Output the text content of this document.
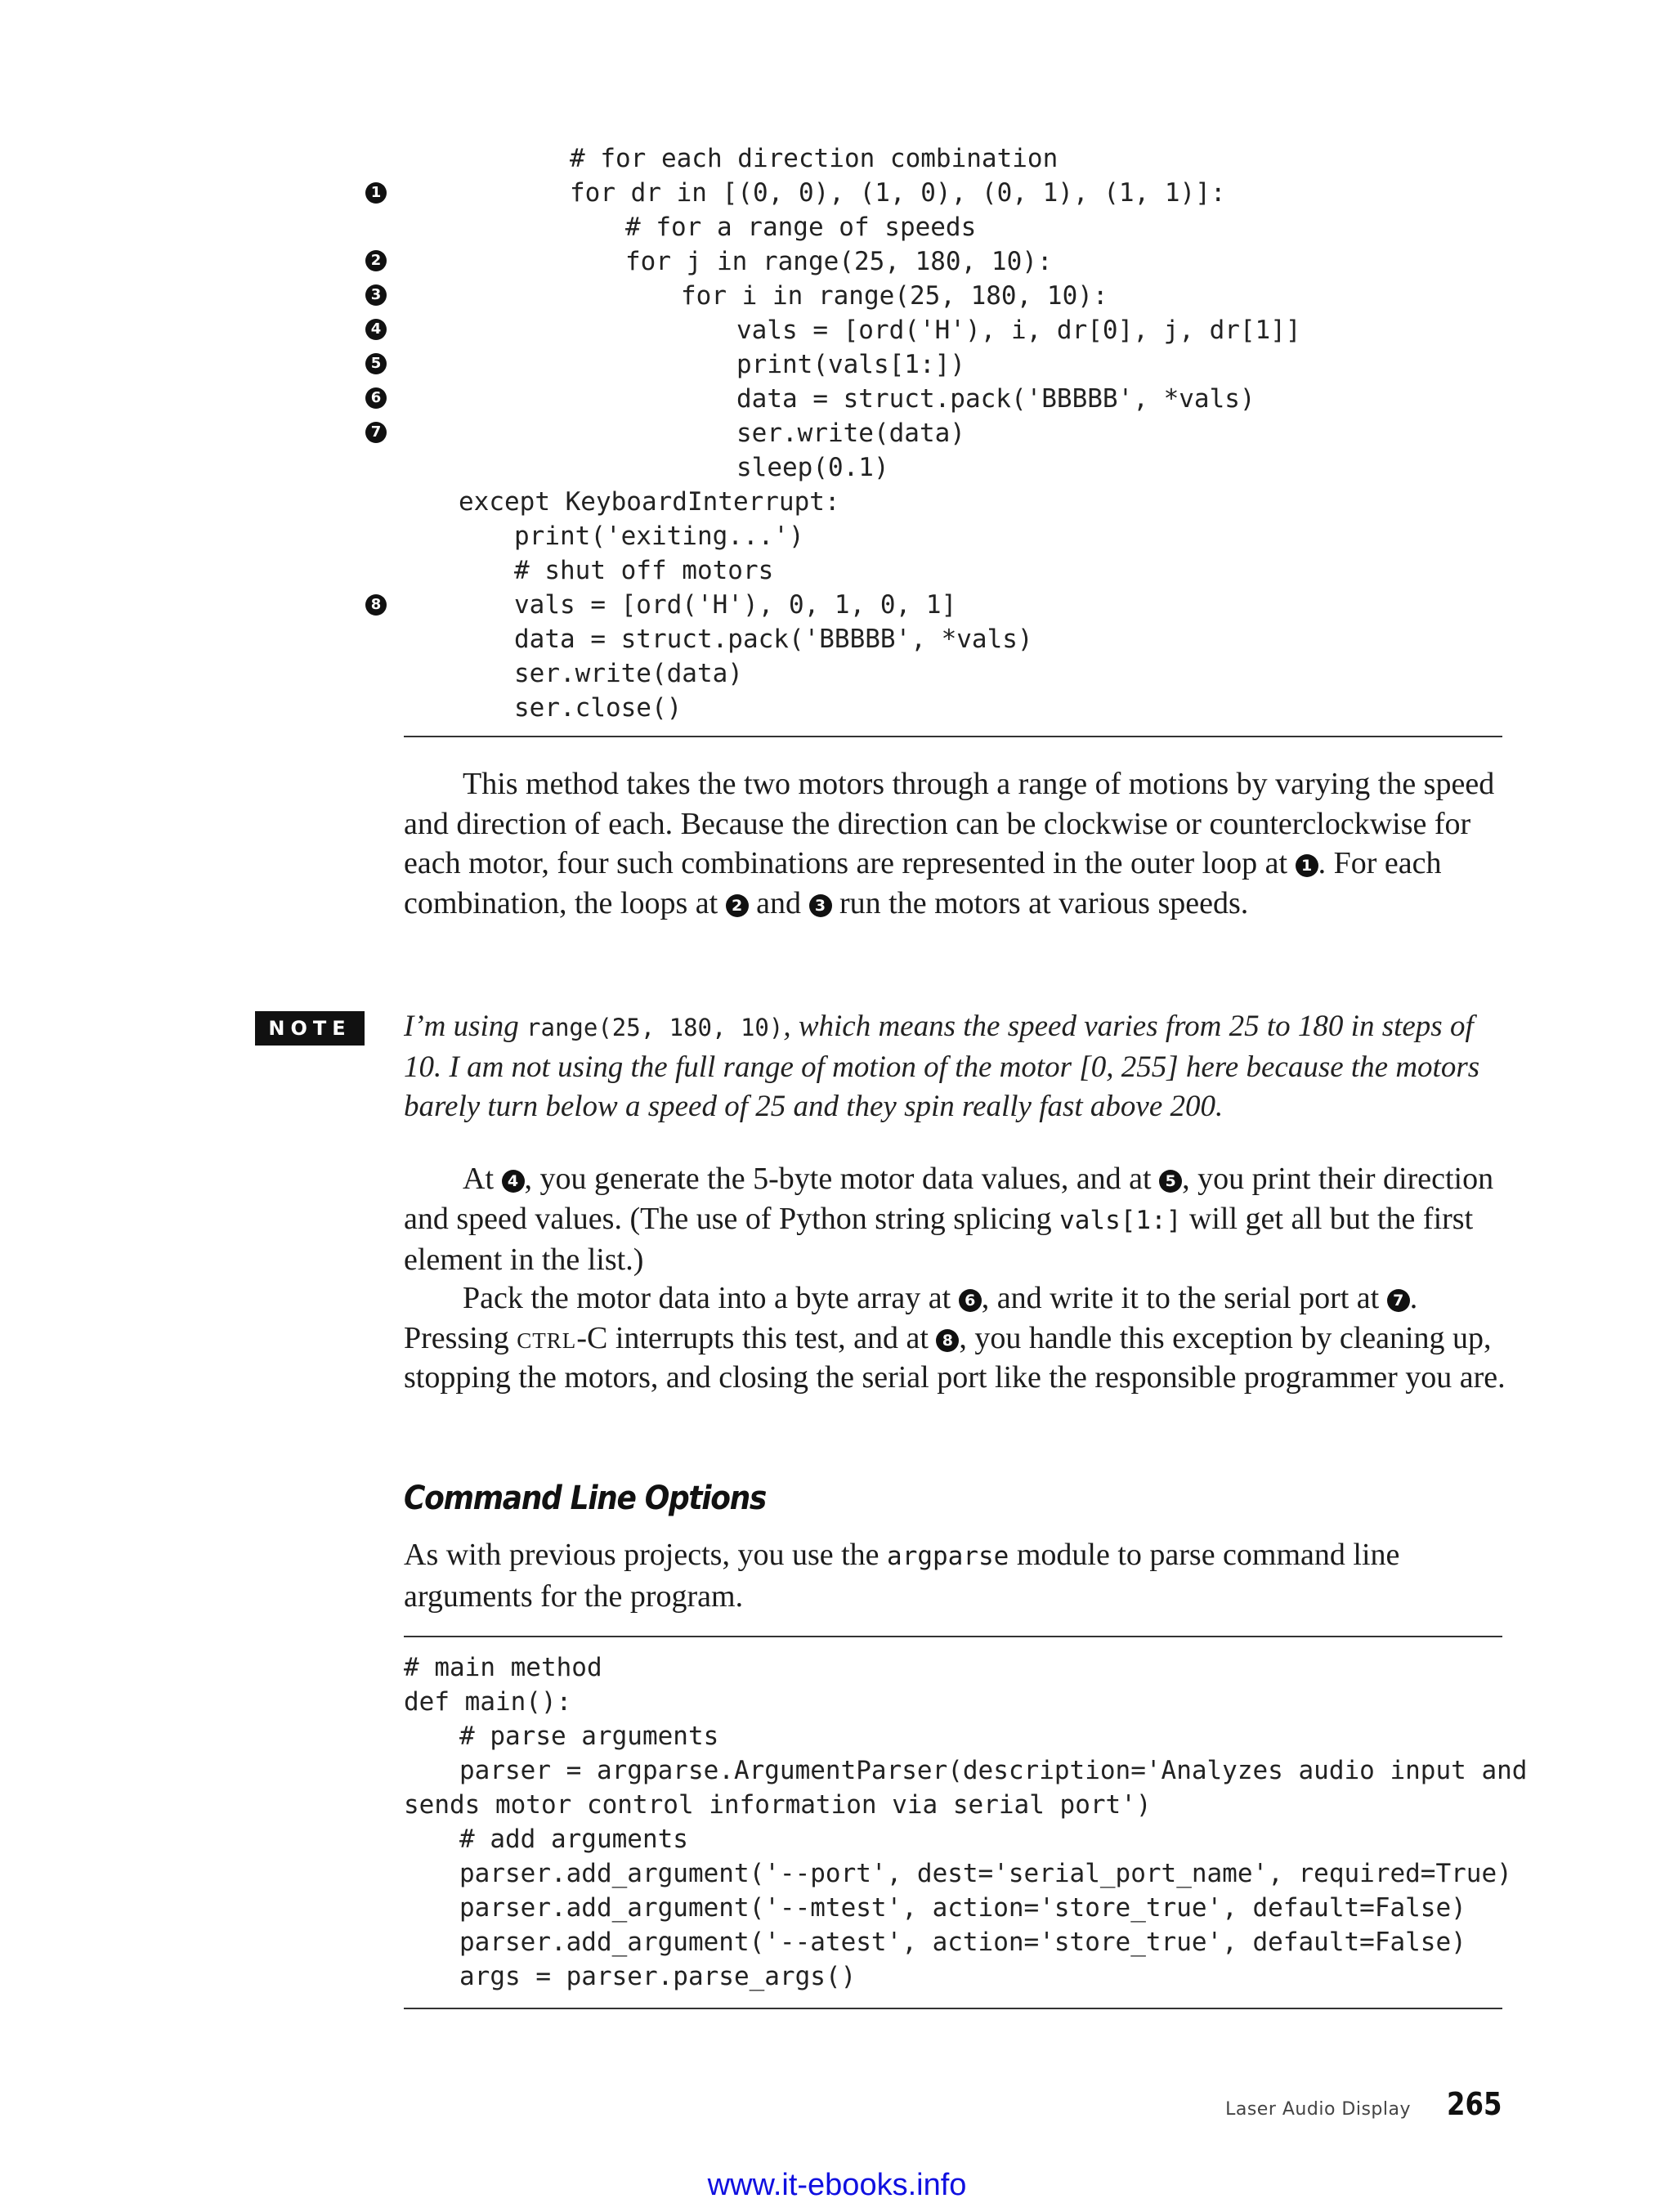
1
2
3
4
5
6
7
8
# for each direction combination
for dr in [(0, 0), (1, 0), (0, 1), (1, 1)]:
# for a range of speeds
for j in range(25, 180, 10):
for i in range(25, 180, 10):
vals = [ord('H'), i, dr[0], j, dr[1]]
print(vals[1:])
data = struct.pack('BBBBB', *vals)
ser.write(data)
sleep(0.1)
except KeyboardInterrupt:
print('exiting...')
# shut off motors
vals = [ord('H'), 0, 1, 0, 1]
data = struct.pack('BBBBB', *vals)
ser.write(data)
ser.close()

This method takes the two motors through a range of motions by varying the speed and direction of each. Because the direction can be clockwise or counterclockwise for each motor, four such combinations are represented in the outer loop at 1 . For each combination, the loops at 2 and 3 run the motors at various speeds.

NOTE	I’m using range(25, 180, 10), which means the speed varies from 25 to 180 in steps of 10. I am not using the full range of motion of the motor [0, 255] here because the motors barely turn below a speed of 25 and they spin really fast above 200.

At 4 , you generate the 5-byte motor data values, and at 5 , you print their direction and speed values. (The use of Python string splicing vals[1:] will get all but the first element in the list.)

Pack the motor data into a byte array at 6 , and write it to the serial port at 7 . Pressing ctrl-C interrupts this test, and at 8 , you handle this exception by cleaning up, stopping the motors, and closing the serial port like the responsible programmer you are.

Command Line Options

As with previous projects, you use the argparse module to parse command line arguments for the program.

# main method
def main():
# parse arguments
parser = argparse.ArgumentParser(description='Analyzes audio input and
sends motor control information via serial port')
# add arguments
parser.add_argument('--port', dest='serial_port_name', required=True)
parser.add_argument('--mtest', action='store_true', default=False)
parser.add_argument('--atest', action='store_true', default=False)
args = parser.parse_args()
Laser Audio Display 265
www.it-ebooks.info
